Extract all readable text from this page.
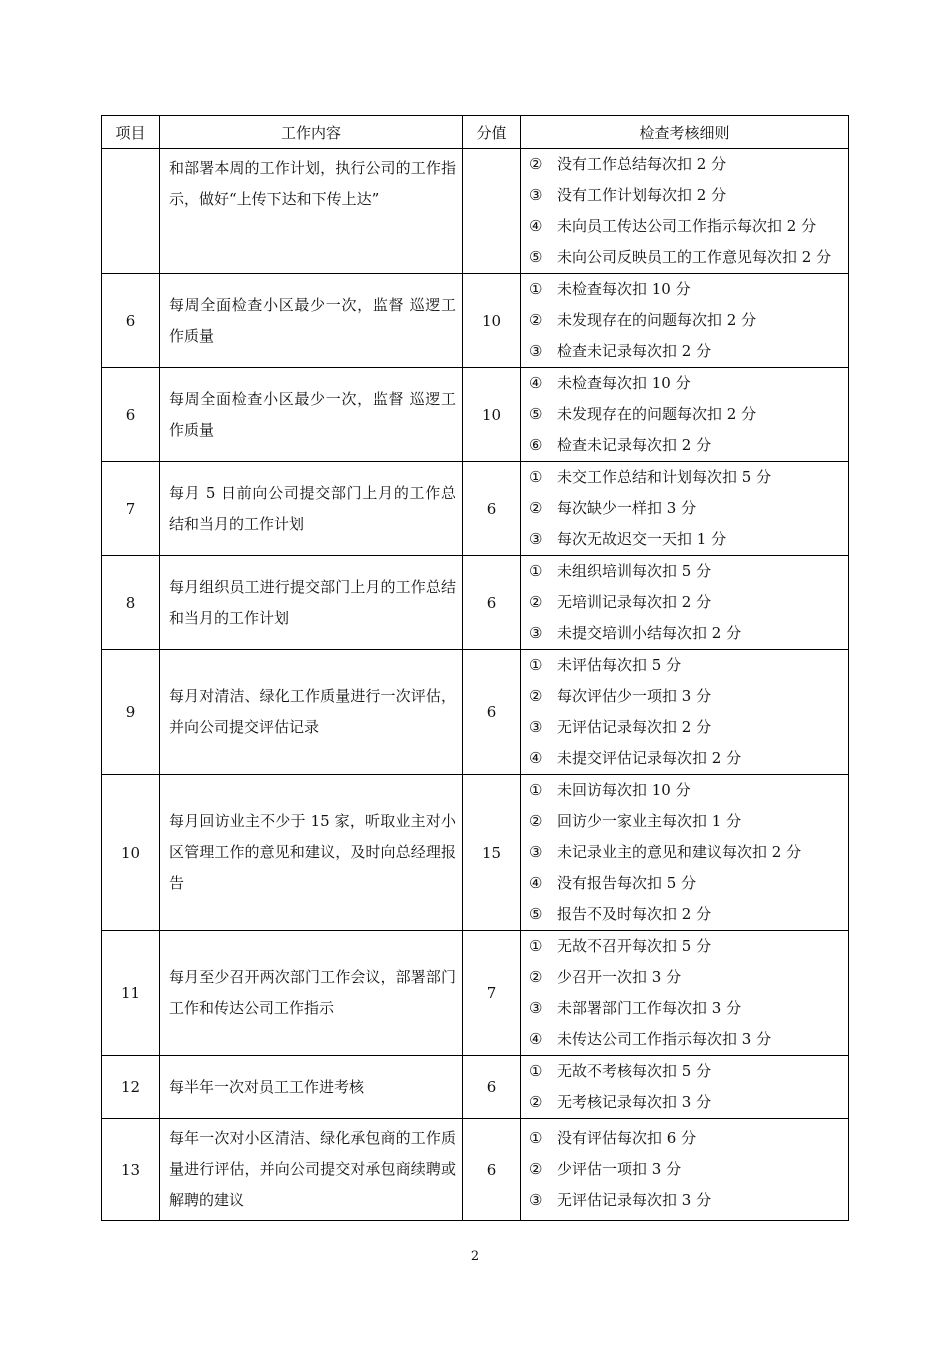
项目	工作内容	分值	检查考核细则

	和部署本周的工作计划，执行公司的工作指示，做好“上传下达和下传上达”		② 没有工作总结每次扣 2 分
③ 没有工作计划每次扣 2 分
④ 未向员工传达公司工作指示每次扣 2 分
⑤ 未向公司反映员工的工作意见每次扣 2 分

6	每周全面检查小区最少一次，监督 巡逻工作质量	10	① 未检查每次扣 10 分
② 未发现存在的问题每次扣 2 分
③ 检查未记录每次扣 2 分

6	每周全面检查小区最少一次，监督 巡逻工作质量	10	④ 未检查每次扣 10 分
⑤ 未发现存在的问题每次扣 2 分
⑥ 检查未记录每次扣 2 分

7	每月 5 日前向公司提交部门上月的工作总结和当月的工作计划	6	① 未交工作总结和计划每次扣 5 分
② 每次缺少一样扣 3 分
③ 每次无故迟交一天扣 1 分

8	每月组织员工进行提交部门上月的工作总结和当月的工作计划	6	① 未组织培训每次扣 5 分
② 无培训记录每次扣 2 分
③ 未提交培训小结每次扣 2 分

9	每月对清洁、绿化工作质量进行一次评估，并向公司提交评估记录	6	① 未评估每次扣 5 分
② 每次评估少一项扣 3 分
③ 无评估记录每次扣 2 分
④ 未提交评估记录每次扣 2 分

10	每月回访业主不少于 15 家，听取业主对小区管理工作的意见和建议，及时向总经理报告	15	① 未回访每次扣 10 分
② 回访少一家业主每次扣 1 分
③ 未记录业主的意见和建议每次扣 2 分
④ 没有报告每次扣 5 分
⑤ 报告不及时每次扣 2 分

11	每月至少召开两次部门工作会议，部署部门工作和传达公司工作指示	7	① 无故不召开每次扣 5 分
② 少召开一次扣 3 分
③ 未部署部门工作每次扣 3 分
④ 未传达公司工作指示每次扣 3 分

12	每半年一次对员工工作进考核	6	① 无故不考核每次扣 5 分
② 无考核记录每次扣 3 分

13	每年一次对小区清洁、绿化承包商的工作质量进行评估，并向公司提交对承包商续聘或解聘的建议	6	① 没有评估每次扣 6 分
② 少评估一项扣 3 分
③ 无评估记录每次扣 3 分
2
